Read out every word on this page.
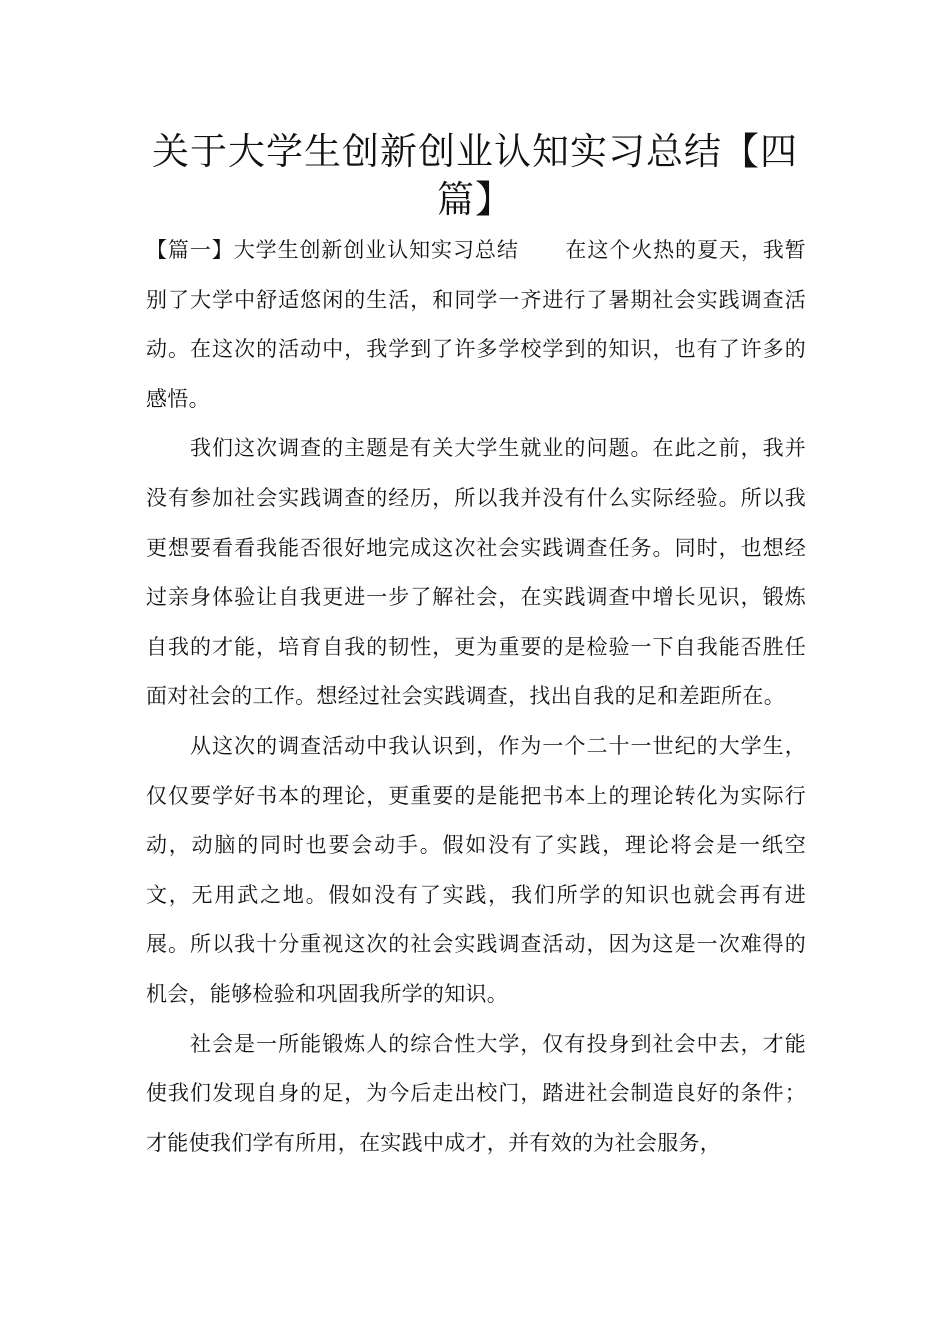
关于大学生创新创业认知实习总结【四篇】

【篇一】大学生创新创业认知实习总结 在这个火热的夏天，我暂别了大学中舒适悠闲的生活，和同学一齐进行了暑期社会实践调查活动。在这次的活动中，我学到了许多学校学到的知识，也有了许多的感悟。

我们这次调查的主题是有关大学生就业的问题。在此之前，我并没有参加社会实践调查的经历，所以我并没有什么实际经验。所以我更想要看看我能否很好地完成这次社会实践调查任务。同时，也想经过亲身体验让自我更进一步了解社会，在实践调查中增长见识，锻炼自我的才能，培育自我的韧性，更为重要的是检验一下自我能否胜任面对社会的工作。想经过社会实践调查，找出自我的足和差距所在。

从这次的调查活动中我认识到，作为一个二十一世纪的大学生，仅仅要学好书本的理论，更重要的是能把书本上的理论转化为实际行动，动脑的同时也要会动手。假如没有了实践，理论将会是一纸空文，无用武之地。假如没有了实践，我们所学的知识也就会再有进展。所以我十分重视这次的社会实践调查活动，因为这是一次难得的机会，能够检验和巩固我所学的知识。

社会是一所能锻炼人的综合性大学，仅有投身到社会中去，才能使我们发现自身的足，为今后走出校门，踏进社会制造良好的条件；才能使我们学有所用，在实践中成才，并有效的为社会服务，
